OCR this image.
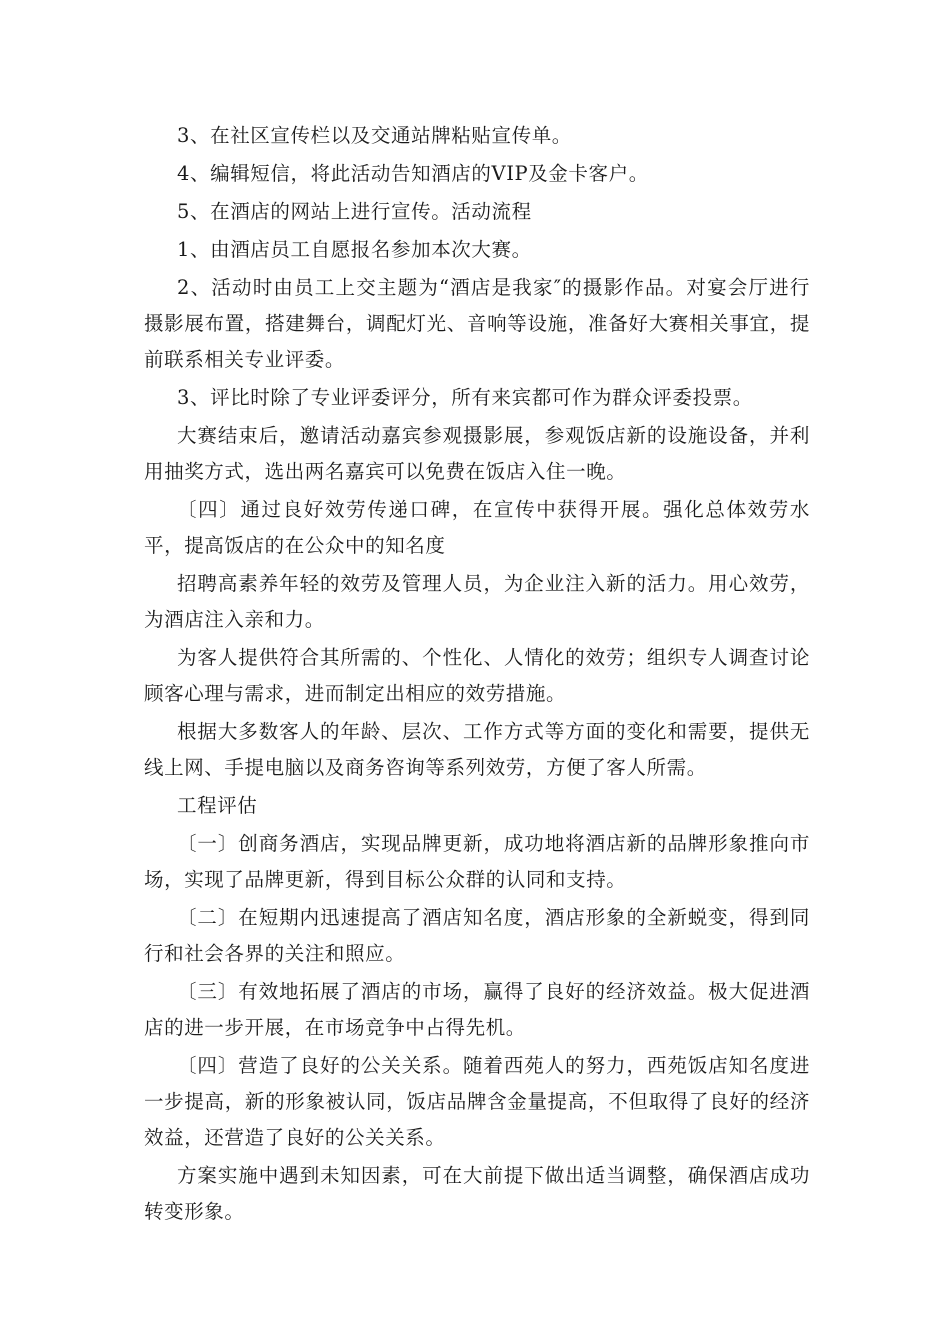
3、在社区宣传栏以及交通站牌粘贴宣传单。

4、编辑短信，将此活动告知酒店的VIP及金卡客户。

5、在酒店的网站上进行宣传。活动流程

1、由酒店员工自愿报名参加本次大赛。

2、活动时由员工上交主题为“酒店是我家″的摄影作品。对宴会厅进行摄影展布置，搭建舞台，调配灯光、音响等设施，准备好大赛相关事宜，提前联系相关专业评委。

3、评比时除了专业评委评分，所有来宾都可作为群众评委投票。

大赛结束后，邀请活动嘉宾参观摄影展，参观饭店新的设施设备，并利用抽奖方式，选出两名嘉宾可以免费在饭店入住一晚。

〔四〕通过良好效劳传递口碑，在宣传中获得开展。强化总体效劳水平，提高饭店的在公众中的知名度

招聘高素养年轻的效劳及管理人员，为企业注入新的活力。用心效劳，为酒店注入亲和力。

为客人提供符合其所需的、个性化、人情化的效劳；组织专人调查讨论顾客心理与需求，进而制定出相应的效劳措施。

根据大多数客人的年龄、层次、工作方式等方面的变化和需要，提供无线上网、手提电脑以及商务咨询等系列效劳，方便了客人所需。

工程评估

〔一〕创商务酒店，实现品牌更新，成功地将酒店新的品牌形象推向市场，实现了品牌更新，得到目标公众群的认同和支持。

〔二〕在短期内迅速提高了酒店知名度，酒店形象的全新蜕变，得到同行和社会各界的关注和照应。

〔三〕有效地拓展了酒店的市场，赢得了良好的经济效益。极大促进酒店的进一步开展，在市场竞争中占得先机。

〔四〕营造了良好的公关关系。随着西苑人的努力，西苑饭店知名度进一步提高，新的形象被认同，饭店品牌含金量提高，不但取得了良好的经济效益，还营造了良好的公关关系。

方案实施中遇到未知因素，可在大前提下做出适当调整，确保酒店成功转变形象。
